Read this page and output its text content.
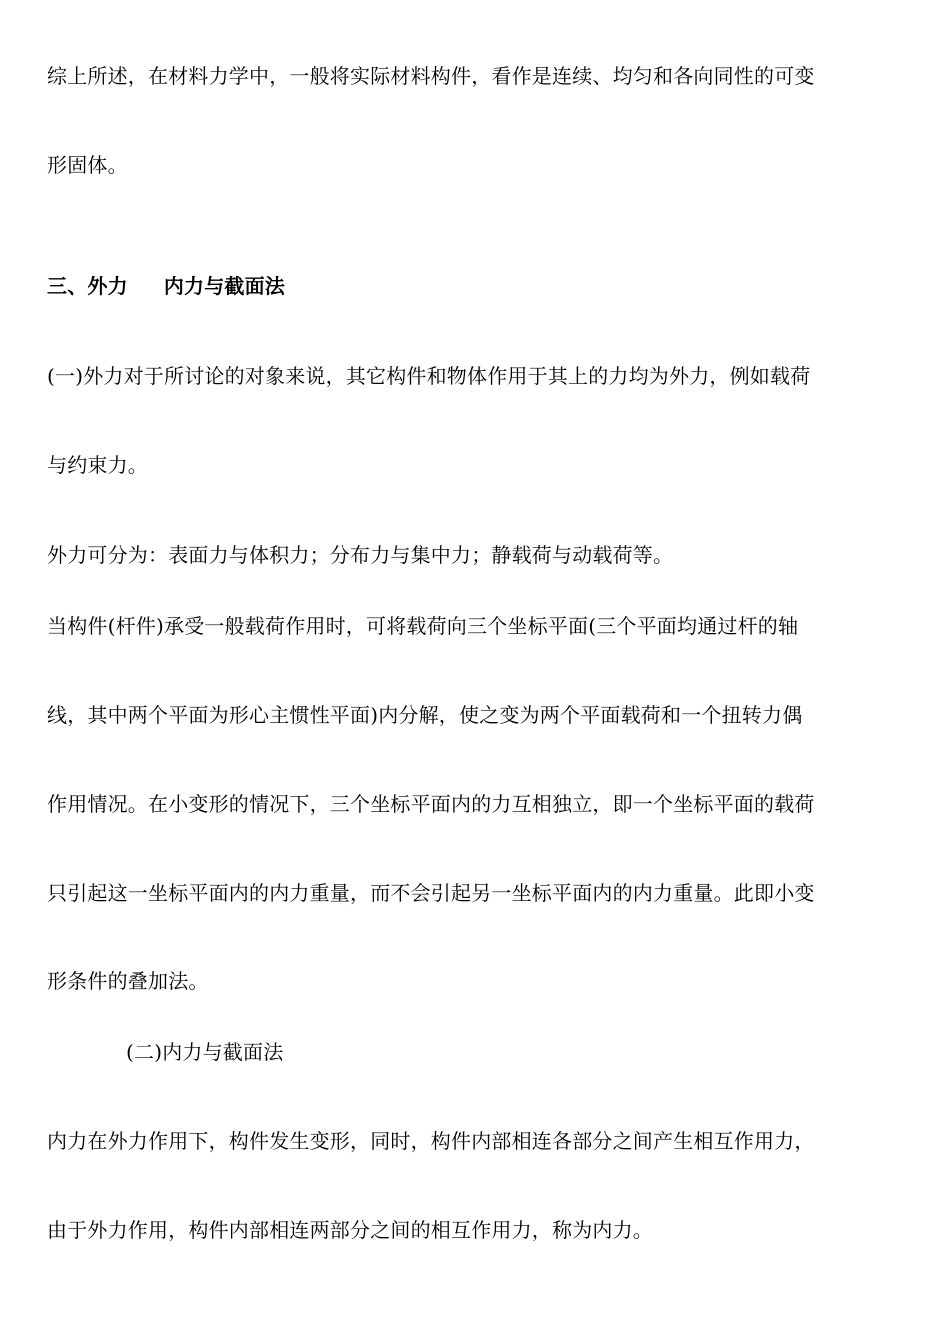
综上所述，在材料力学中，一般将实际材料构件，看作是连续、均匀和各向同性的可变
形固体。
三、外力 内力与截面法
(一)外力对于所讨论的对象来说，其它构件和物体作用于其上的力均为外力，例如载荷
与约束力。
外力可分为：表面力与体积力；分布力与集中力；静载荷与动载荷等。
当构件(杆件)承受一般载荷作用时，可将载荷向三个坐标平面(三个平面均通过杆的轴
线，其中两个平面为形心主惯性平面)内分解，使之变为两个平面载荷和一个扭转力偶
作用情况。在小变形的情况下，三个坐标平面内的力互相独立，即一个坐标平面的载荷
只引起这一坐标平面内的内力重量，而不会引起另一坐标平面内的内力重量。此即小变
形条件的叠加法。
(二)内力与截面法
内力在外力作用下，构件发生变形，同时，构件内部相连各部分之间产生相互作用力，
由于外力作用，构件内部相连两部分之间的相互作用力，称为内力。
